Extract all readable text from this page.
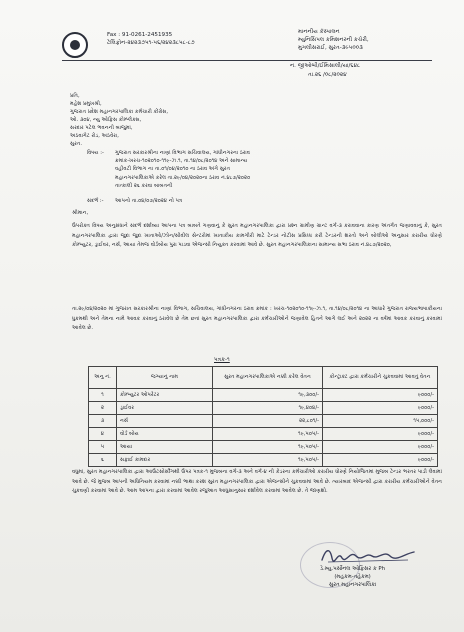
Fax : 91-0261-2451935
ટેલિફોન-૨૪૨૩૭૫૧-૫૬/૨૪૨૩૮૫૮-૮૭
માનનીય કૅસ્પાલન
મ્યુનિસિપલ કમિશનરની કચેરી,
મુગલીસરાઈ, સુરત-૩૯૫૦૦૩
ન. જીઓબી/ઈમિસાલી/યા/૬૪૮
તા.૨૬ /૦૮/૨૦૨૪
પ્રતિ,
મહેશ પ્રમુખશ્રી,
ગુજરાત પ્રદેશ મહાનગરપાલિકા કર્મચારી કોંગ્રેસ,
ઓ. ૩૦૪, ન્યુ ઓફિસ કોમ્પ્લેક્સ,
સરદાર પટેલ ભવનની બાજુમાં,
અઠવાગેટ રોડ, અઠવેરા,
સુરત.
વિષય :- ગુજરાત સરકારશ્રીના નાણાં વિભાગ સચિવાલય, ગાંધીનગરના ઠરાવ
ક્રમાંક-ખરચ-૧૦૨૦૧૦-૧૧૯-ઝ.૧, તા.૧૪/૦૮/૨૦૧૪ અને સામાન્ય
વહીવટી વિભાગ ના તા.૦૧/૦૪/૨૦૧૦ ના ઠરાવ અંગે સુરત
મહાનગરપાલિકાએ કરેલ તા.૨૯/૦૪/૨૦૨૦ના ઠરાવ નં.૪૮૭/૨૦૨૦
તાત્કાલી ૨૬ કરવા બાબતની
સંદર્ભ :- આપનો તા.૦૪/૦૭/૨૦૨૪ નો પત્ર
શ્રીમાન,
ઉપરોક્ત વિષય અનુસંધાને સંદર્ભ દર્શાવ્યા આપના પત્ર બાબતે ગણવાનું કે સુરત મહાનગરપાલિકા દ્વારા પ્રશ્ન ગ્રામીણ ગ્રાન્ટ વર્ગ-૩ કરાવવાના કારણ અંતર્ગત જણાવવાનું કે, સુરત મહાનગરપાલિકા દ્વારા જુદા જુદા ખાતાઓ/ઝોન/સીવીલ સેન્ટરોમાં ખાતાકીય કામગીરી માટે ટેન્ડર નોટીસ પ્રસિધ્ધ કરી ટેન્ડરની શરતો અને બોલીઓ અનુસાર કરારીય ધોરણે કોમ્પ્યુટર, ડ્રાઈવર, નર્સ, આયા તેમજ વોર્ડબોય પુરા પાડવા એજન્સી નિયુક્ત કરવામાં આવે છે. સુરત મહાનગરપાલિકાના સામાન્ય સભા ઠરાવ નં.૪૮૭/૨૦૨૦,
તા.૨૯/૦૪/૨૦૨૦ માં ગુજરાત સરકારશ્રીના નાણાં વિભાગ, સચિવાલય, ગાંધીનગરના ઠરાવ ક્રમાંક : ખરચ-૧૦૨૦૧૦-૧૧૯-ઝ.૧, તા.૧૪/૦૮/૨૦૧૪ ના આધારે ગુજરાત રાજ્યભાષાકીયના ધુકમથી અને તેમના નામે આવક કરવાનું ઠરાવેલ છે તેમ છતાં સુરત મહાનગરપાલિકા દ્વારા કર્મચારીઓને જણાવેલ હિતને આગે લઈ અને ૨૦૨૨ ના વર્ષમાં આવક કરવાનું કરવામાં આવેલ છે.
પત્રક-૧
અનુ નં.	જગ્યાનું નામ	સુરત મહાનગરપાલિકાએ નક્કી કરેલ વેતન	કોન્ટ્રાક્ટ દ્વારા કર્મચારીને ચુકવવામાં આવતું વેતન
૧	કોમ્પ્યુટર ઓપરેટર	૧૯,૩૦૦/-	૯૦૦૦/-
૨	ડ્રાઈવર	૧૯,૪૦૪/-	૯૦૦૦/-
૩	નર્સ	૨૨,૮૦૧/-	૧૫,૦૦૦/-
૪	વોર્ડ બોય	૧૯,૫૦૫/-	૯૦૦૦/-
૫	આયા	૧૯,૫૦૫/-	૯૦૦૦/-
૬	સફાઈ કામદાર	૧૯,૫૦૫/-	૯૦૦૦/-
વધુમાં, સુરત મહાનગરપાલિકા દ્વારા આઉટસોર્સીંગથી ઉપર પત્રક-૧ મુજબના વર્ગ-૩ અને વર્ગ-૪ ની કેડરના કર્મચારીઓ કરારીય ધોરણે નિયોજિતમાં મુજબ ટેન્ડર ભરતર પાડી લેવામાં આવે છે. જે મુજબ આપની અધિનિયમ કરવામાં નક્કી ભાથા કરશ સુરત મહાનગરપાલિકા દ્વારા એજન્સીને ચુકવવામાં આવે છે. ત્યારબાદ એજન્સી દ્વારા કરારીય કર્મચારીઓને વેતન ચુકવણી કરવામાં આવે છે. આમ આપના દ્વારા કરવામાં આવેલ રજુઆત આધુસાનુસાર દર્શાવેલ કરવામાં આવેલ છે. તે જાણશો.
ડે.મ્યુ.પર્સોનલ ઓફિસર ક Ph
(મહકમ-તહેકમ)
સુરત મહાનગરપાલિકા
